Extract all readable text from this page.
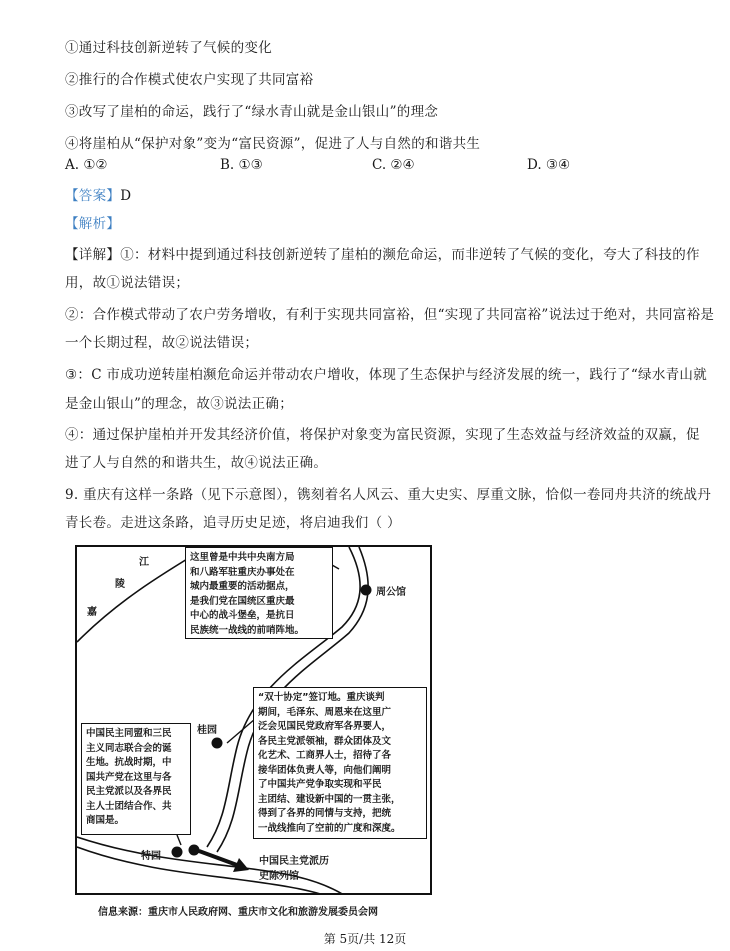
①通过科技创新逆转了气候的变化
②推行的合作模式使农户实现了共同富裕
③改写了崖柏的命运，践行了“绿水青山就是金山银山”的理念
④将崖柏从“保护对象”变为“富民资源”，促进了人与自然的和谐共生
A. ①②	B. ①③	C. ②④	D. ③④
【答案】D
【解析】
【详解】①：材料中提到通过科技创新逆转了崖柏的濒危命运，而非逆转了气候的变化，夸大了科技的作
用，故①说法错误；
②：合作模式带动了农户劳务增收，有利于实现共同富裕，但“实现了共同富裕”说法过于绝对，共同富裕是
一个长期过程，故②说法错误；
③：C 市成功逆转崖柏濒危命运并带动农户增收，体现了生态保护与经济发展的统一，践行了“绿水青山就
是金山银山”的理念，故③说法正确；
④：通过保护崖柏并开发其经济价值，将保护对象变为富民资源，实现了生态效益与经济效益的双赢，促
进了人与自然的和谐共生，故④说法正确。
9. 重庆有这样一条路（见下示意图），镌刻着名人风云、重大史实、厚重文脉，恰似一卷同舟共济的统战丹
青长卷。走进这条路，追寻历史足迹，将启迪我们（ ）
江
陵
嘉
这里曾是中共中央南方局
和八路军驻重庆办事处在
城内最重要的活动据点，
是我们党在国统区重庆最
中心的战斗堡垒，是抗日
民族统一战线的前哨阵地。
周公馆
“双十协定”签订地。重庆谈判
期间，毛泽东、周恩来在这里广
泛会见国民党政府军各界要人，
各民主党派领袖，群众团体及文
化艺术、工商界人士，招待了各
接华团体负责人等，向他们阐明
了中国共产党争取实现和平民
主团结、建设新中国的一贯主张，
得到了各界的同情与支持，把统
一战线推向了空前的广度和深度。
桂园
中国民主同盟和三民
主义同志联合会的诞
生地。抗战时期，中
国共产党在这里与各
民主党派以及各界民
主人士团结合作、共
商国是。
特园	中国民主党派历
史陈列馆
信息来源：重庆市人民政府网、重庆市文化和旅游发展委员会网
第 5页/共 12页
